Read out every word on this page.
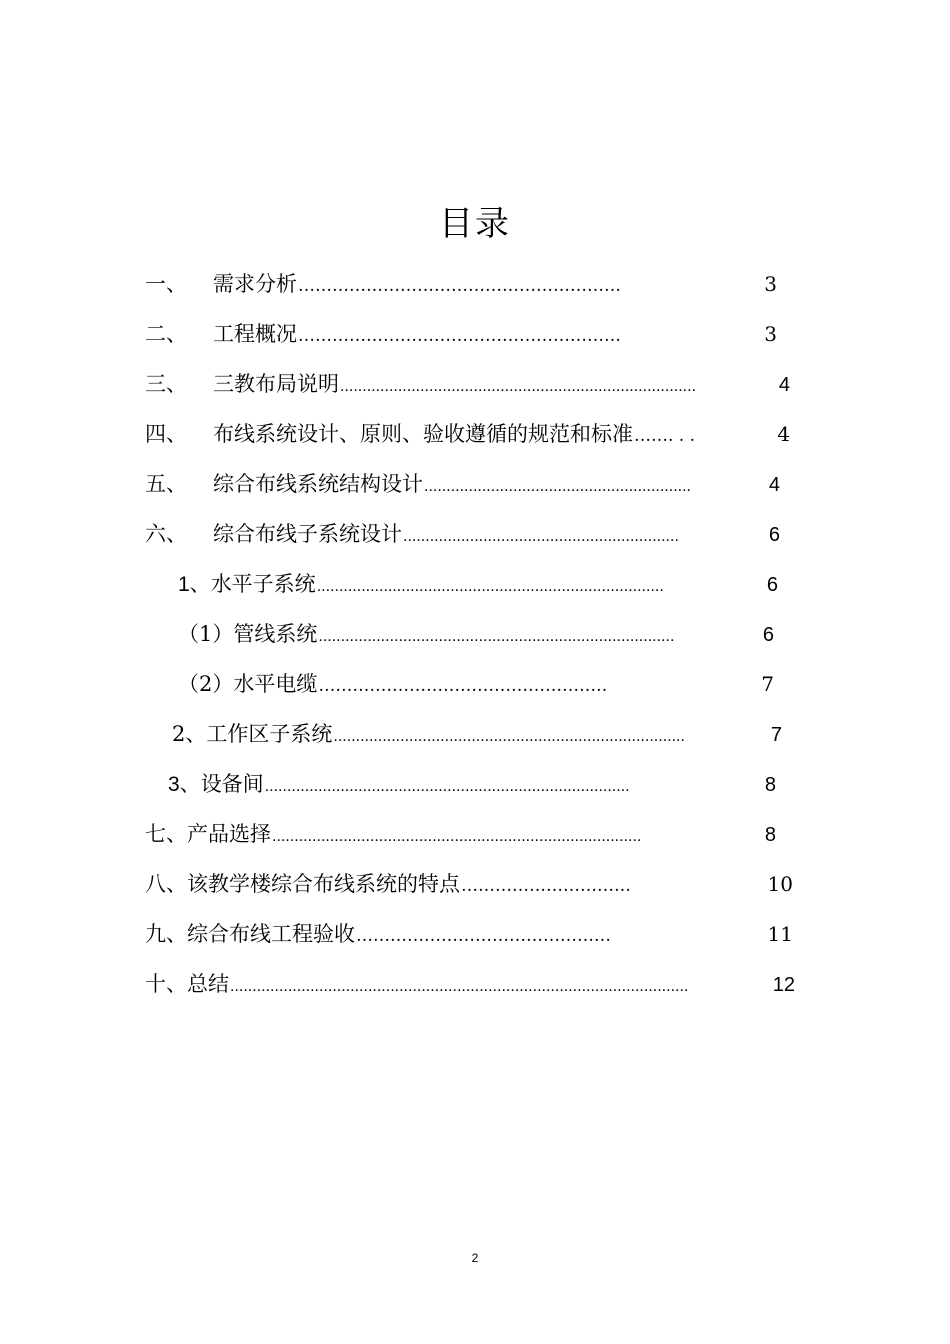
目录
一、	需求分析 …………………………………………………	3
二、	工程概况 …………………………………………………	3
三、	三教布局说明 ................................................................................	4
四、	布线系统设计、原则、验收遵循的规范和标准 ……. . .	4
五、	综合布线系统结构设计 ............................................................	4
六、	综合布线子系统设计 ..............................................................	6
1、 水平子系统 ..............................................................................	6
（1） 管线系统 ................................................................................	6
（2） 水平电缆 ……………………………………………	7
2、 工作区子系统 ...............................................................................	7
3、 设备间 ..................................................................................	8
七、 产品选择 ...................................................................................	8
八、 该教学楼综合布线系统的特点 …………………………	10
九、 综合布线工程验收 ………………………………………	11
十、 总结 .......................................................................................................	12
2
